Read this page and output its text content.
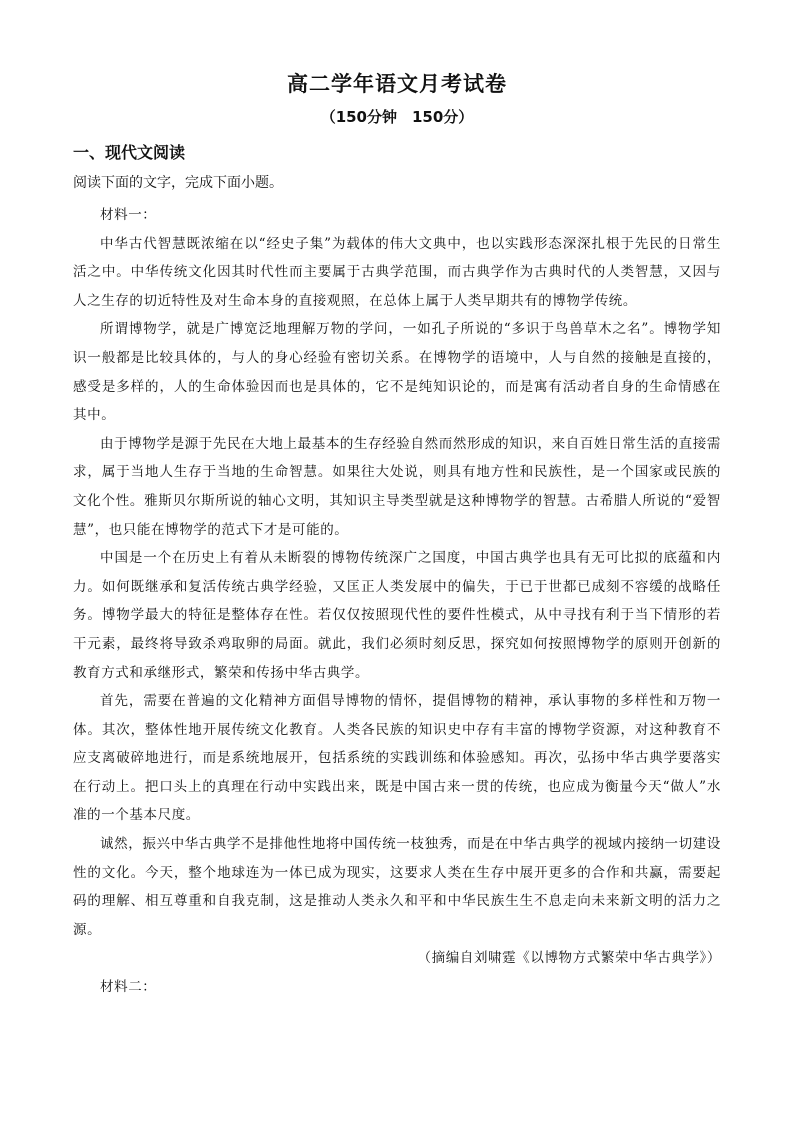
高二学年语文月考试卷
（150分钟　150分）
一、现代文阅读
阅读下面的文字，完成下面小题。

材料一：

中华古代智慧既浓缩在以“经史子集”为载体的伟大文典中，也以实践形态深深扎根于先民的日常生活之中。中华传统文化因其时代性而主要属于古典学范围，而古典学作为古典时代的人类智慧，又因与人之生存的切近特性及对生命本身的直接观照，在总体上属于人类早期共有的博物学传统。

所谓博物学，就是广博宽泛地理解万物的学问，一如孔子所说的“多识于鸟兽草木之名”。博物学知识一般都是比较具体的，与人的身心经验有密切关系。在博物学的语境中，人与自然的接触是直接的，感受是多样的，人的生命体验因而也是具体的，它不是纯知识论的，而是寓有活动者自身的生命情感在其中。

由于博物学是源于先民在大地上最基本的生存经验自然而然形成的知识，来自百姓日常生活的直接需求，属于当地人生存于当地的生命智慧。如果往大处说，则具有地方性和民族性，是一个国家或民族的文化个性。雅斯贝尔斯所说的轴心文明，其知识主导类型就是这种博物学的智慧。古希腊人所说的“爱智慧”，也只能在博物学的范式下才是可能的。

中国是一个在历史上有着从未断裂的博物传统深广之国度，中国古典学也具有无可比拟的底蕴和内力。如何既继承和复活传统古典学经验，又匡正人类发展中的偏失，于已于世都已成刻不容缓的战略任务。博物学最大的特征是整体存在性。若仅仅按照现代性的要件性模式，从中寻找有利于当下情形的若干元素，最终将导致杀鸡取卵的局面。就此，我们必须时刻反思，探究如何按照博物学的原则开创新的教育方式和承继形式，繁荣和传扬中华古典学。

首先，需要在普遍的文化精神方面倡导博物的情怀，提倡博物的精神，承认事物的多样性和万物一体。其次，整体性地开展传统文化教育。人类各民族的知识史中存有丰富的博物学资源，对这种教育不应支离破碎地进行，而是系统地展开，包括系统的实践训练和体验感知。再次，弘扬中华古典学要落实在行动上。把口头上的真理在行动中实践出来，既是中国古来一贯的传统，也应成为衡量今天“做人”水准的一个基本尺度。

诚然，振兴中华古典学不是排他性地将中国传统一枝独秀，而是在中华古典学的视域内接纳一切建设性的文化。今天，整个地球连为一体已成为现实，这要求人类在生存中展开更多的合作和共赢，需要起码的理解、相互尊重和自我克制，这是推动人类永久和平和中华民族生生不息走向未来新文明的活力之源。

（摘编自刘啸霆《以博物方式繁荣中华古典学》）

材料二：
